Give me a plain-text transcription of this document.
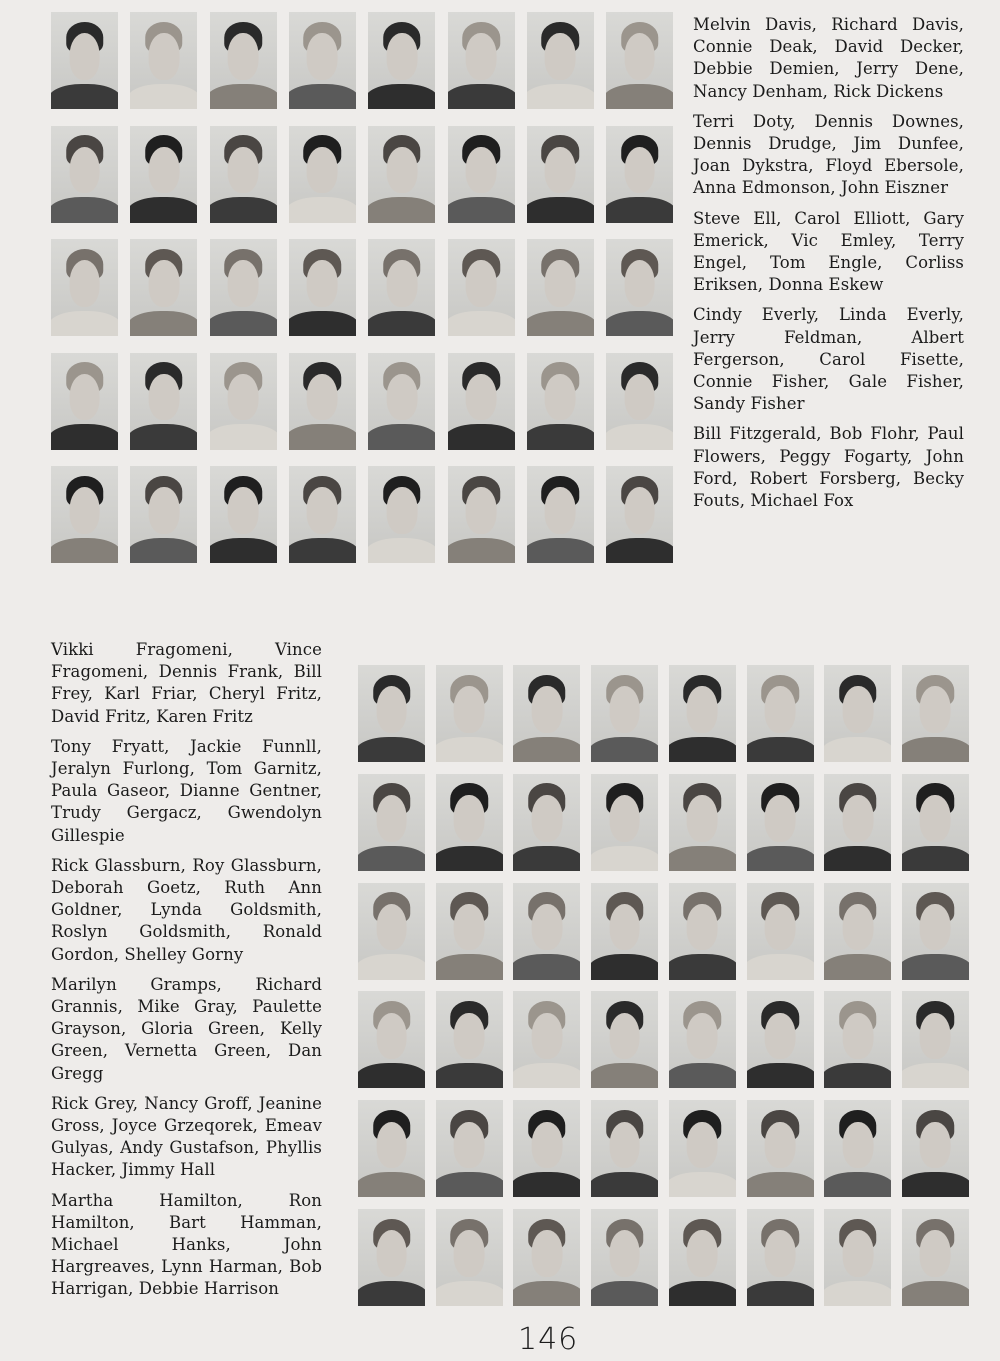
Melvin Davis, Richard Davis, Connie Deak, David Decker, Debbie Demien, Jerry Dene, Nancy Denham, Rick Dickens

Terri Doty, Dennis Downes, Dennis Drudge, Jim Dunfee, Joan Dykstra, Floyd Ebersole, Anna Edmonson, John Eiszner

Steve Ell, Carol Elliott, Gary Emerick, Vic Emley, Terry Engel, Tom Engle, Corliss Eriksen, Donna Eskew

Cindy Everly, Linda Everly, Jerry Feldman, Albert Fergerson, Carol Fisette, Connie Fisher, Gale Fisher, Sandy Fisher

Bill Fitzgerald, Bob Flohr, Paul Flowers, Peggy Fogarty, John Ford, Robert Forsberg, Becky Fouts, Michael Fox

Vikki Fragomeni, Vince Fragomeni, Dennis Frank, Bill Frey, Karl Friar, Cheryl Fritz, David Fritz, Karen Fritz

Tony Fryatt, Jackie Funnll, Jeralyn Furlong, Tom Garnitz, Paula Gaseor, Dianne Gentner, Trudy Gergacz, Gwendolyn Gillespie

Rick Glassburn, Roy Glassburn, Deborah Goetz, Ruth Ann Goldner, Lynda Goldsmith, Roslyn Goldsmith, Ronald Gordon, Shelley Gorny

Marilyn Gramps, Richard Grannis, Mike Gray, Paulette Grayson, Gloria Green, Kelly Green, Vernetta Green, Dan Gregg

Rick Grey, Nancy Groff, Jeanine Gross, Joyce Grzeqorek, Emeav Gulyas, Andy Gustafson, Phyllis Hacker, Jimmy Hall

Martha Hamilton, Ron Hamilton, Bart Hamman, Michael Hanks, John Hargreaves, Lynn Harman, Bob Harrigan, Debbie Harrison

146
